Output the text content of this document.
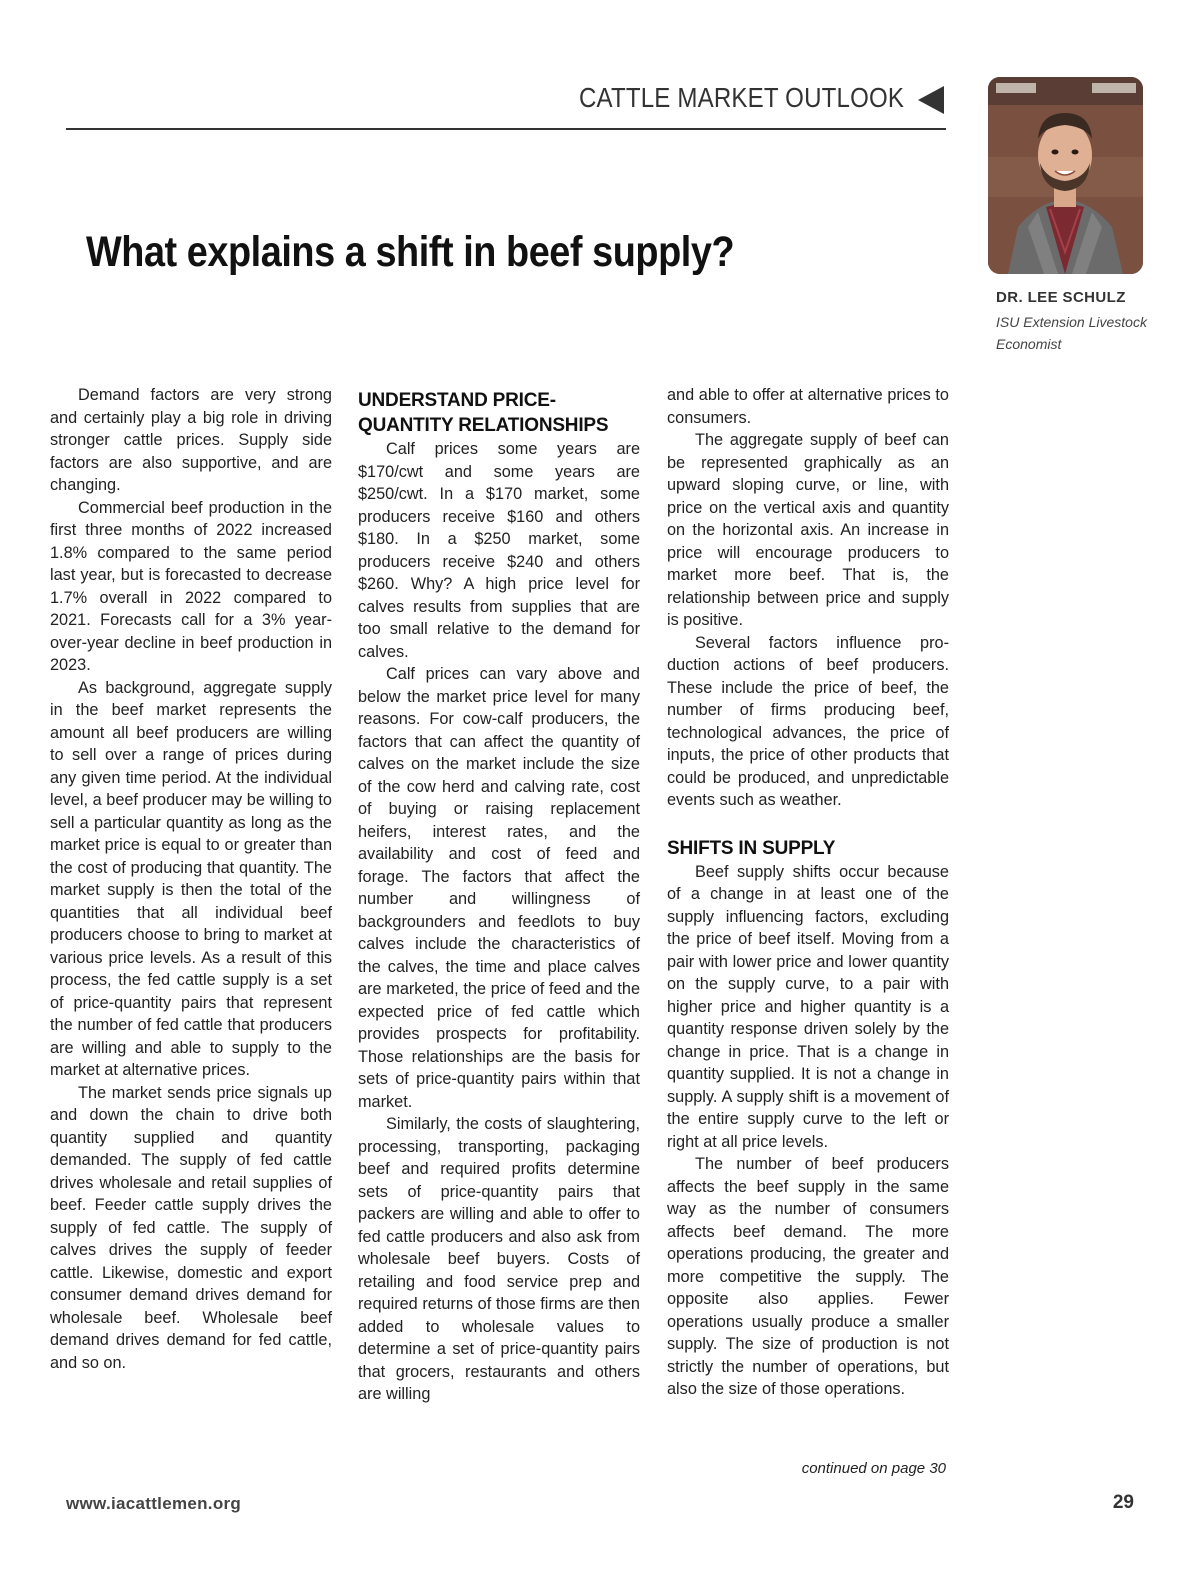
CATTLE MARKET OUTLOOK
DR. LEE SCHULZ
ISU Extension Livestock Economist
What explains a shift in beef supply?

Demand factors are very strong and certainly play a big role in driving stronger cattle prices. Supply side factors are also supportive, and are changing.

Commercial beef production in the first three months of 2022 increased 1.8% compared to the same period last year, but is forecasted to decrease 1.7% overall in 2022 compared to 2021. Forecasts call for a 3% year-over-year decline in beef production in 2023.

As background, aggregate supply in the beef market represents the amount all beef producers are willing to sell over a range of prices during any given time period. At the individual level, a beef producer may be willing to sell a particular quantity as long as the market price is equal to or greater than the cost of producing that quantity. The market supply is then the total of the quantities that all individual beef producers choose to bring to market at various price levels. As a result of this process, the fed cattle supply is a set of price-quantity pairs that represent the number of fed cattle that producers are willing and able to supply to the market at alternative prices.

The market sends price signals up and down the chain to drive both quantity supplied and quantity demanded. The supply of fed cattle drives wholesale and retail supplies of beef. Feeder cattle supply drives the supply of fed cattle. The supply of calves drives the supply of feeder cattle. Likewise, domestic and export consumer demand drives demand for wholesale beef. Wholesale beef demand drives demand for fed cattle, and so on.

UNDERSTAND PRICE-QUANTITY RELATIONSHIPS

Calf prices some years are $170/cwt and some years are $250/cwt. In a $170 market, some producers receive $160 and others $180. In a $250 market, some producers receive $240 and others $260. Why? A high price level for calves results from supplies that are too small relative to the demand for calves.

Calf prices can vary above and below the market price level for many reasons. For cow-calf producers, the factors that can affect the quantity of calves on the market include the size of the cow herd and calving rate, cost of buying or raising replacement heifers, interest rates, and the availability and cost of feed and forage. The factors that affect the number and willingness of backgrounders and feedlots to buy calves include the characteristics of the calves, the time and place calves are marketed, the price of feed and the expected price of fed cattle which provides prospects for profitability. Those relationships are the basis for sets of price-quantity pairs within that market.

Similarly, the costs of slaughtering, processing, transporting, packaging beef and required profits determine sets of price-quantity pairs that packers are willing and able to offer to fed cattle producers and also ask from wholesale beef buyers. Costs of retailing and food service prep and required returns of those firms are then added to wholesale values to determine a set of price-quantity pairs that grocers, restaurants and others are willing

and able to offer at alternative prices to consumers.

The aggregate supply of beef can be represented graphically as an upward sloping curve, or line, with price on the vertical axis and quantity on the horizontal axis. An increase in price will encourage producers to market more beef. That is, the relationship between price and supply is positive.

Several factors influence production actions of beef producers. These include the price of beef, the number of firms producing beef, technological advances, the price of inputs, the price of other products that could be produced, and unpredictable events such as weather.

SHIFTS IN SUPPLY

Beef supply shifts occur because of a change in at least one of the supply influencing factors, excluding the price of beef itself. Moving from a pair with lower price and lower quantity on the supply curve, to a pair with higher price and higher quantity is a quantity response driven solely by the change in price. That is a change in quantity supplied. It is not a change in supply. A supply shift is a movement of the entire supply curve to the left or right at all price levels.

The number of beef producers affects the beef supply in the same way as the number of consumers affects beef demand. The more operations producing, the greater and more competitive the supply. The opposite also applies. Fewer operations usually produce a smaller supply. The size of production is not strictly the number of operations, but also the size of those operations.

continued on page 30
www.iacattlemen.org	29
